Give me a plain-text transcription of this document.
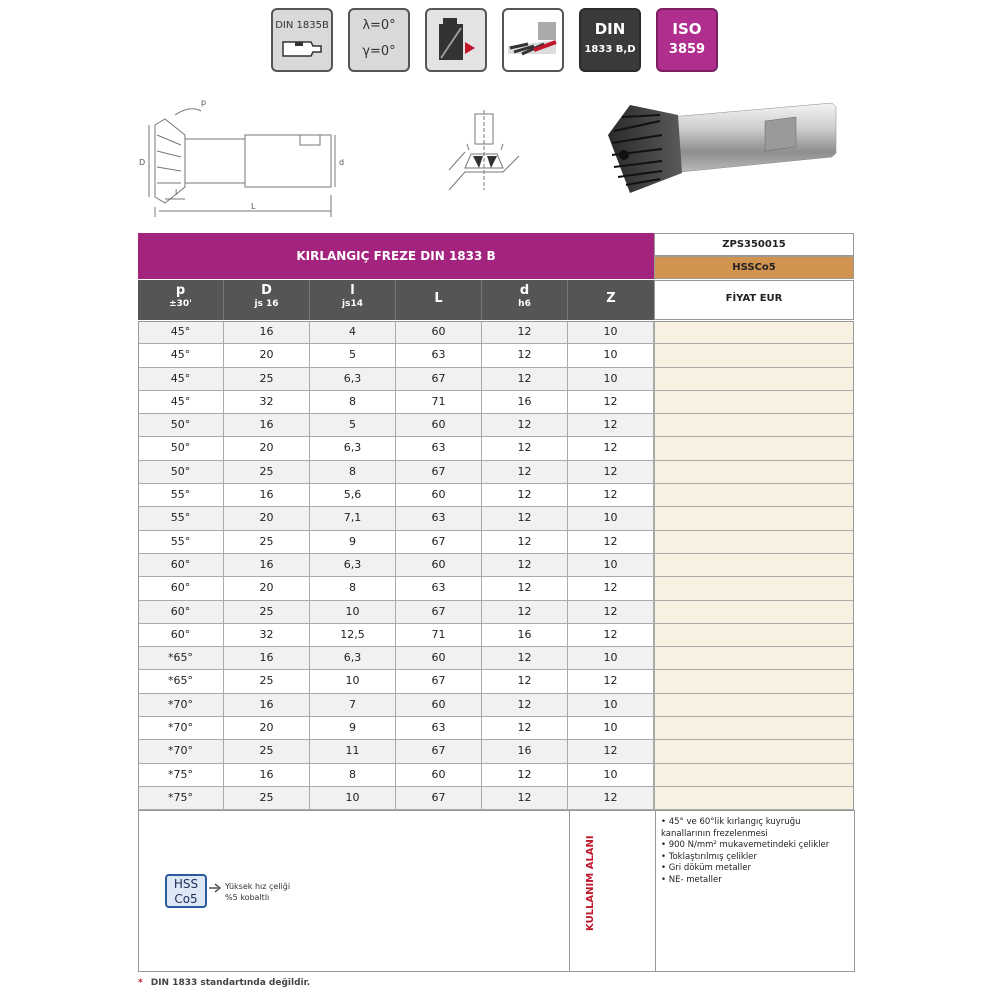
DIN 1835B	λ=0°
γ=0°
DIN
1833 B,D
ISO
3859
D	d
l
L
p
KIRLANGIÇ FREZE DIN 1833 B
ZPS350015
HSSCo5
p
±30'
D
js 16
l
js14	L
d
h6	Z	FİYAT EUR
45°	16	4	60	12	10
45°	20	5	63	12	10
45°	25	6,3	67	12	10
45°	32	8	71	16	12
50°	16	5	60	12	12
50°	20	6,3	63	12	12
50°	25	8	67	12	12
55°	16	5,6	60	12	12
55°	20	7,1	63	12	10
55°	25	9	67	12	12
60°	16	6,3	60	12	10
60°	20	8	63	12	12
60°	25	10	67	12	12
60°	32	12,5	71	16	12
*65°	16	6,3	60	12	10
*65°	25	10	67	12	12
*70°	16	7	60	12	10
*70°	20	9	63	12	10
*70°	25	11	67	16	12
*75°	16	8	60	12	10
*75°	25	10	67	12	12
HSS
Co5
Yüksek hız çeliği
%5 kobaltlı	KULLANIM ALANI
• 45° ve 60°lik kırlangıç kuyruğu
kanallarının frezelenmesi
• 900 N/mm² mukavemetindeki çelikler
• Toklaştırılmış çelikler
• Gri döküm metaller
• NE- metaller
* DIN 1833 standartında değildir.
